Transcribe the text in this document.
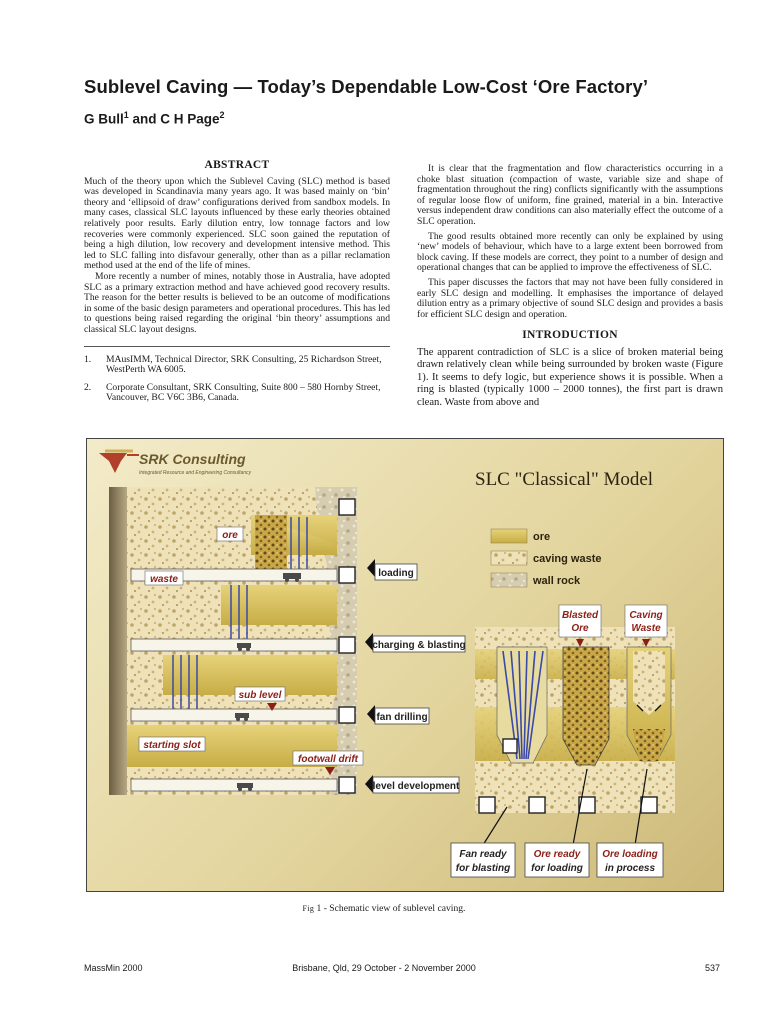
Sublevel Caving — Today’s Dependable Low-Cost ‘Ore Factory’
G Bull$^1$ and C H Page$^2$
ABSTRACT

Much of the theory upon which the Sublevel Caving (SLC) method is based was developed in Scandinavia many years ago. It was based mainly on ‘bin’ theory and ‘ellipsoid of draw’ configurations derived from sandbox models. In many cases, classical SLC layouts influenced by these early theories obtained relatively poor results. Early dilution entry, low tonnage factors and low recoveries were commonly experienced. SLC soon gained the reputation of being a high dilution, low recovery and development intensive method. This led to SLC falling into disfavour generally, other than as a pillar reclamation method used at the end of the life of mines.

More recently a number of mines, notably those in Australia, have adopted SLC as a primary extraction method and have achieved good recovery results. The reason for the better results is believed to be an outcome of modifications in some of the basic design parameters and operational procedures. This has led to questions being raised regarding the original ‘bin theory’ assumptions and classical SLC layout designs.

1. MAusIMM, Technical Director, SRK Consulting, 25 Richardson Street, WestPerth WA 6005.
2. Corporate Consultant, SRK Consulting, Suite 800 – 580 Hornby Street, Vancouver, BC V6C 3B6, Canada.

It is clear that the fragmentation and flow characteristics occurring in a choke blast situation (compaction of waste, variable size and shape of fragmentation throughout the ring) conflicts significantly with the assumptions of regular loose flow of uniform, fine grained, material in a bin. Interactive versus independent draw conditions can also materially effect the outcome of a SLC operation.

The good results obtained more recently can only be explained by using ‘new’ models of behaviour, which have to a large extent been borrowed from block caving. If these models are correct, they point to a number of design and operational changes that can be applied to improve the effectiveness of SLC.

This paper discusses the factors that may not have been fully considered in early SLC design and modelling. It emphasises the importance of delayed dilution entry as a primary objective of sound SLC design and provides a basis for efficient SLC design and operation.

INTRODUCTION

The apparent contradiction of SLC is a slice of broken material being drawn relatively clean while being surrounded by broken waste (Figure 1). It seems to defy logic, but experience shows it is possible. When a ring is blasted (typically 1000 – 2000 tonnes), the first part is drawn clean. Waste from above and

SRK Consulting
Integrated Resource and Engineering Consultancy	SLC "Classical" Model
ore
waste
sub level
starting slot
footwall drift
loading
charging & blasting
fan drilling
level development
ore
caving waste
wall rock
Blasted
Ore
Caving
Waste
Fan ready
for blasting
Ore ready
for loading
Ore loading
in process
Fig 1 - Schematic view of sublevel caving.
MassMin 2000	Brisbane, Qld, 29 October - 2 November 2000	537
